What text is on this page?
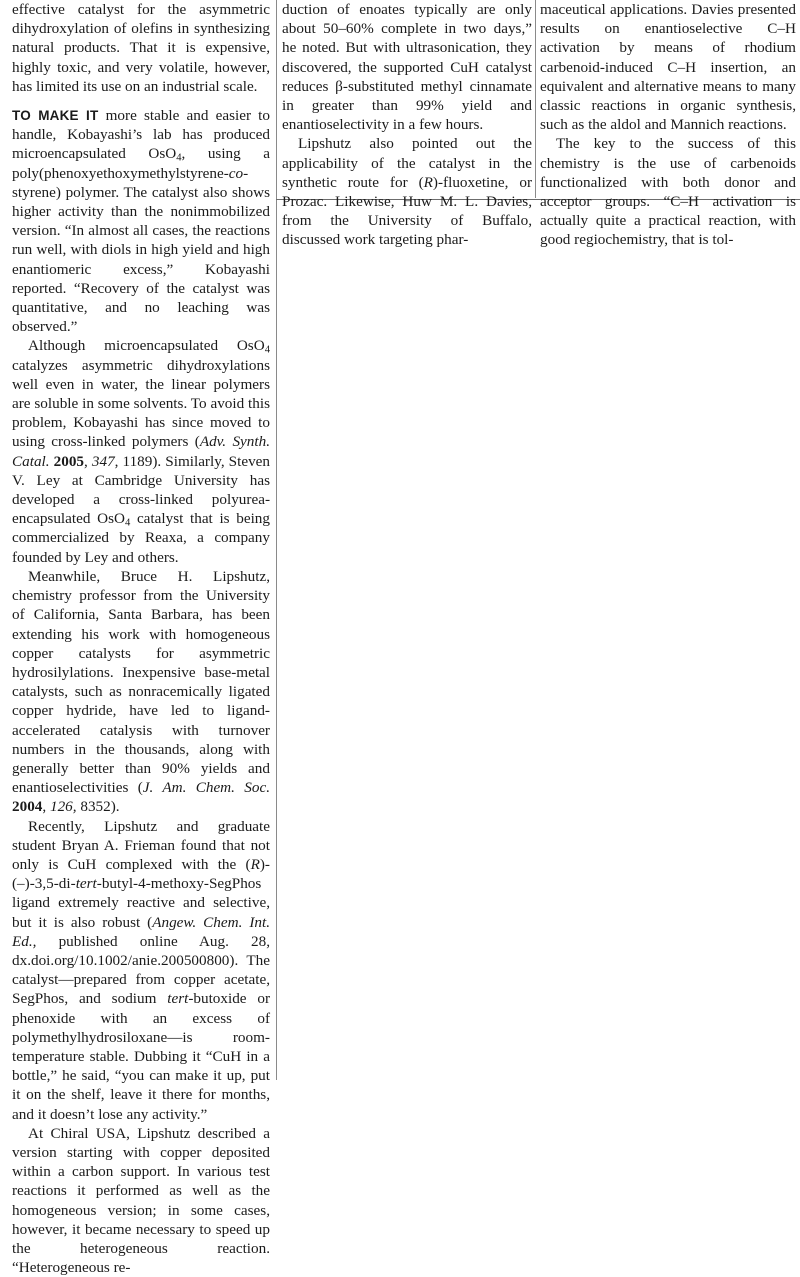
effective catalyst for the asymmetric dihydroxylation of olefins in synthesizing natural products. That it is expensive, highly toxic, and very volatile, however, has limited its use on an industrial scale.

TO MAKE IT more stable and easier to handle, Kobayashi’s lab has produced microencapsulated OsO$_4$, using a poly(phenoxyethoxymethylstyrene-co-styrene) polymer. The catalyst also shows higher activity than the nonimmobilized version. “In almost all cases, the reactions run well, with diols in high yield and high enantiomeric excess,” Kobayashi reported. “Recovery of the catalyst was quantitative, and no leaching was observed.”

Although microencapsulated OsO$_4$ catalyzes asymmetric dihydroxylations well even in water, the linear polymers are soluble in some solvents. To avoid this problem, Kobayashi has since moved to using cross-linked polymers (Adv. Synth. Catal. 2005, 347, 1189). Similarly, Steven V. Ley at Cambridge University has developed a cross-linked polyurea-encapsulated OsO$_4$ catalyst that is being commercialized by Reaxa, a company founded by Ley and others.

Meanwhile, Bruce H. Lipshutz, chemistry professor from the University of California, Santa Barbara, has been extending his work with homogeneous copper catalysts for asymmetric hydrosilylations. Inexpensive base-metal catalysts, such as nonracemically ligated copper hydride, have led to ligand-accelerated catalysis with turnover numbers in the thousands, along with generally better than 90% yields and enantioselectivities (J. Am. Chem. Soc. 2004, 126, 8352).

Recently, Lipshutz and graduate student Bryan A. Frieman found that not only is CuH complexed with the (R)-(–)-3,5-di-tert-butyl-4-methoxy-SegPhos ligand extremely reactive and selective, but it is also robust (Angew. Chem. Int. Ed., published online Aug. 28, dx.doi.org/10.1002/anie.200500800). The catalyst—prepared from copper acetate, SegPhos, and sodium tert-butoxide or phenoxide with an excess of polymethylhydrosiloxane—is room-temperature stable. Dubbing it “CuH in a bottle,” he said, “you can make it up, put it on the shelf, leave it there for months, and it doesn’t lose any activity.”

At Chiral USA, Lipshutz described a version starting with copper deposited within a carbon support. In various test reactions it performed as well as the homogeneous version; in some cases, however, it became necessary to speed up the heterogeneous reaction. “Heterogeneous re-

duction of enoates typically are only about 50–60% complete in two days,” he noted. But with ultrasonication, they discovered, the supported CuH catalyst reduces β-substituted methyl cinnamate in greater than 99% yield and enantioselectivity in a few hours.

Lipshutz also pointed out the applicability of the catalyst in the synthetic route for (R)-fluoxetine, or Prozac. Likewise, Huw M. L. Davies, from the University of Buffalo, discussed work targeting phar-

maceutical applications. Davies presented results on enantioselective C–H activation by means of rhodium carbenoid-induced C–H insertion, an equivalent and alternative means to many classic reactions in organic synthesis, such as the aldol and Mannich reactions.

The key to the success of this chemistry is the use of carbenoids functionalized with both donor and acceptor groups. “C–H activation is actually quite a practical reaction, with good regiochemistry, that is tol-
